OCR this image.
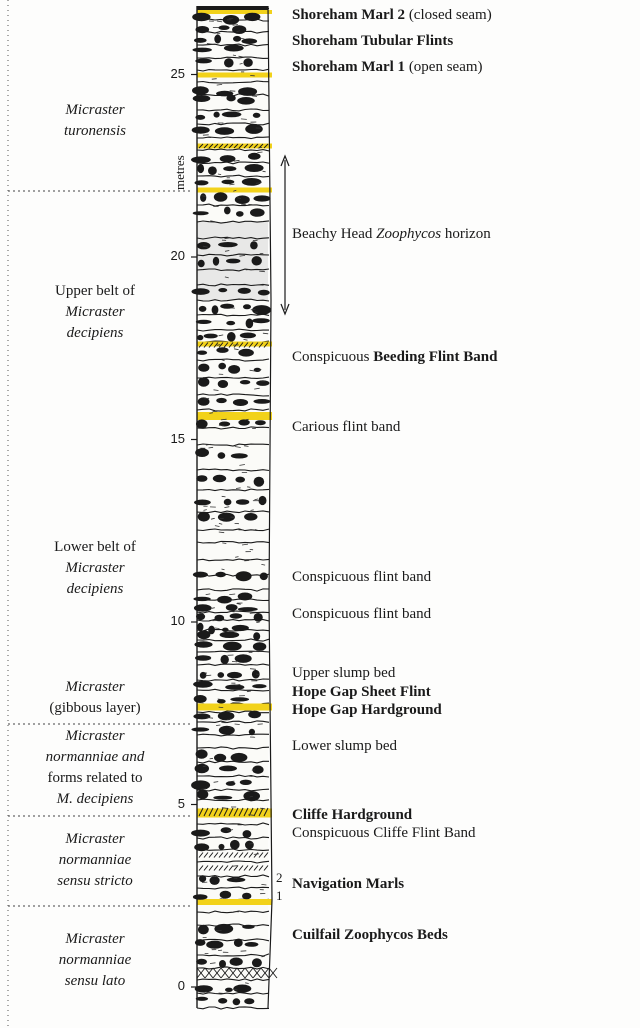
0
5
10
15
20
25
metres
Micraster
turonensis
Upper belt of
Micraster
decipiens
Lower belt of
Micraster
decipiens
Micraster
(gibbous layer)
Micraster
normanniae and
forms related to
M. decipiens
Micraster
normanniae
sensu stricto
Micraster
normanniae
sensu lato
Shoreham Marl 2 (closed seam)
Shoreham Tubular Flints
Shoreham Marl 1 (open seam)
Beachy Head Zoophycos horizon
Conspicuous Beeding Flint Band
Carious flint band
Conspicuous flint band
Conspicuous flint band
Upper slump bed
Hope Gap Sheet Flint
Hope Gap Hardground
Lower slump bed
Cliffe Hardground
Conspicuous Cliffe Flint Band
Navigation Marls
Cuilfail Zoophycos Beds
2
1
